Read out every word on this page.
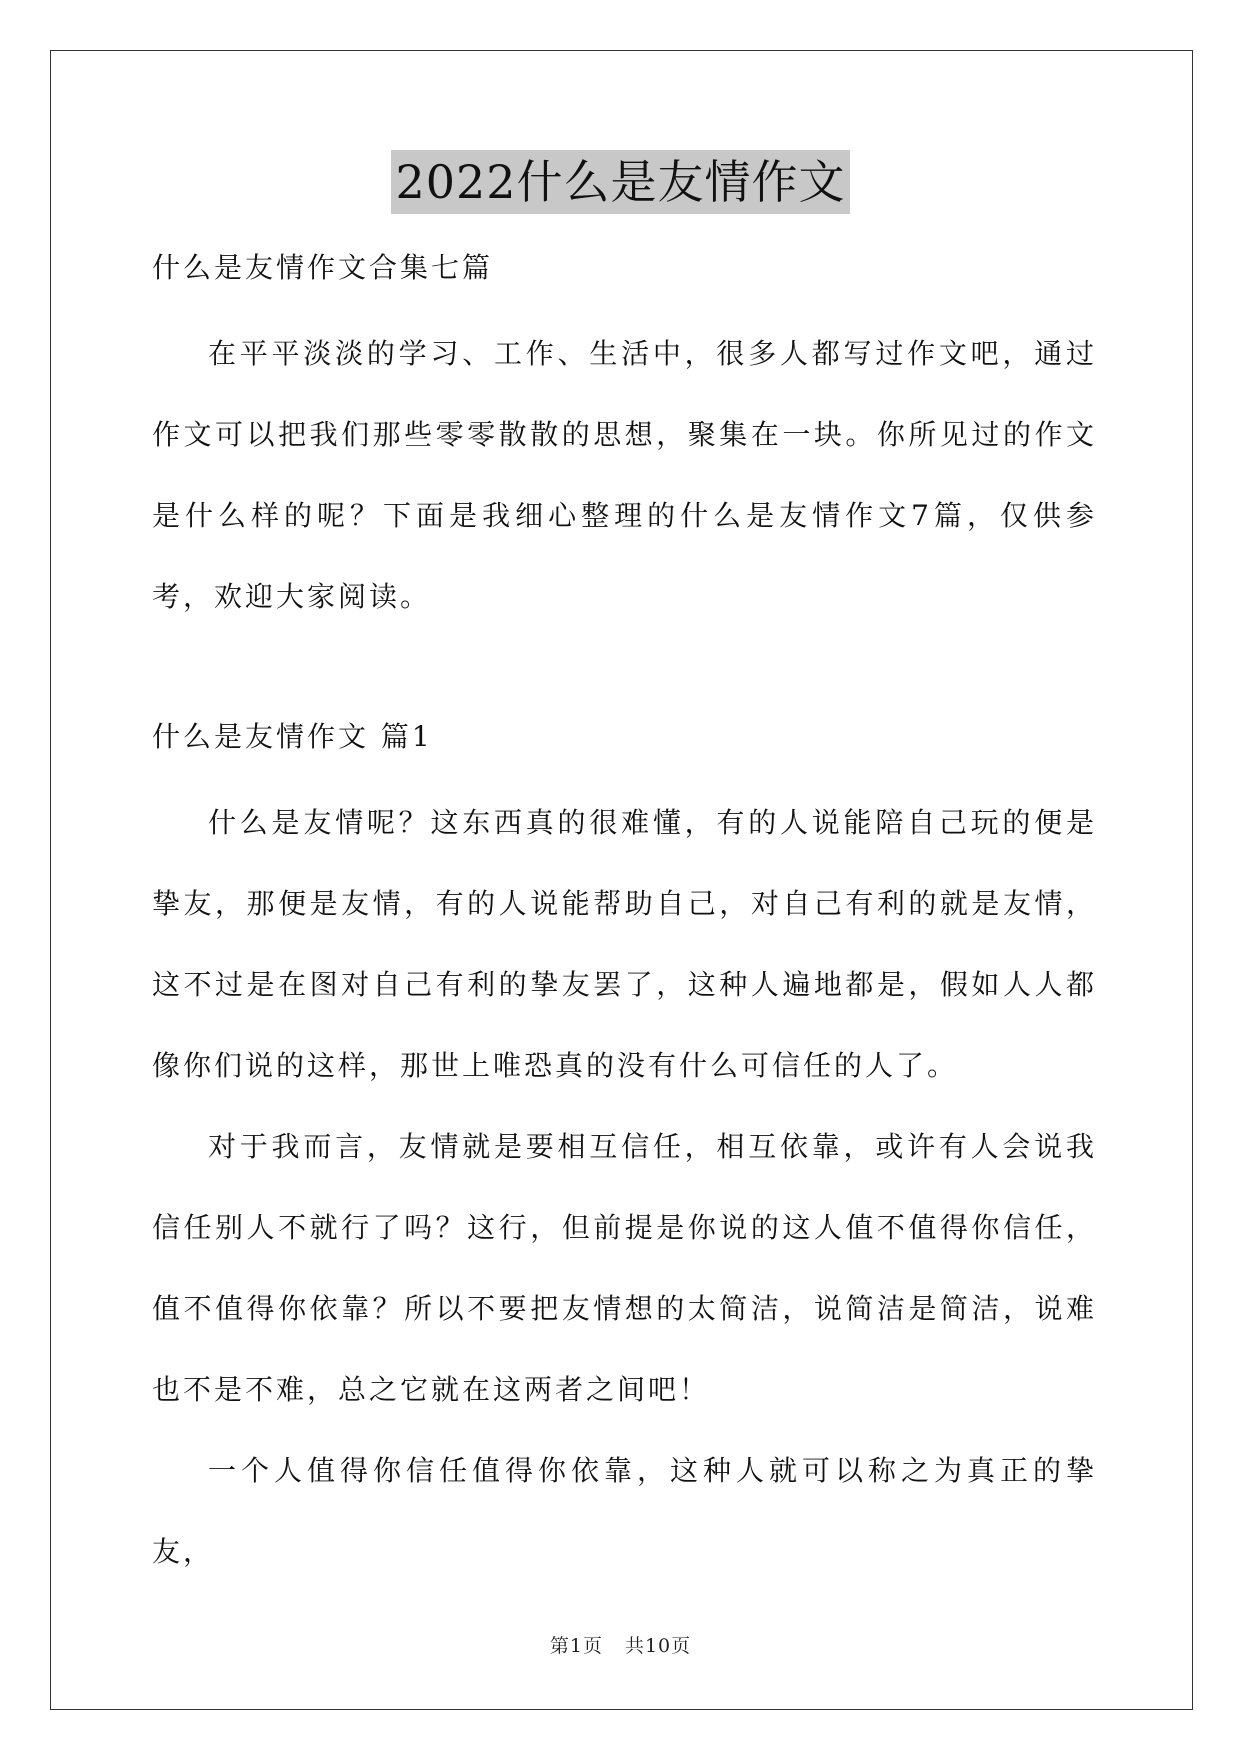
2022什么是友情作文

什么是友情作文合集七篇

在平平淡淡的学习、工作、生活中，很多人都写过作文吧，通过作文可以把我们那些零零散散的思想，聚集在一块。你所见过的作文是什么样的呢？下面是我细心整理的什么是友情作文7篇，仅供参考，欢迎大家阅读。

什么是友情作文 篇1

什么是友情呢？这东西真的很难懂，有的人说能陪自己玩的便是挚友，那便是友情，有的人说能帮助自己，对自己有利的就是友情，这不过是在图对自己有利的挚友罢了，这种人遍地都是，假如人人都像你们说的这样，那世上唯恐真的没有什么可信任的人了。

对于我而言，友情就是要相互信任，相互依靠，或许有人会说我信任别人不就行了吗？这行，但前提是你说的这人值不值得你信任，值不值得你依靠？所以不要把友情想的太简洁，说简洁是简洁，说难也不是不难，总之它就在这两者之间吧！

一个人值得你信任值得你依靠，这种人就可以称之为真正的挚友，

第1页 共10页
